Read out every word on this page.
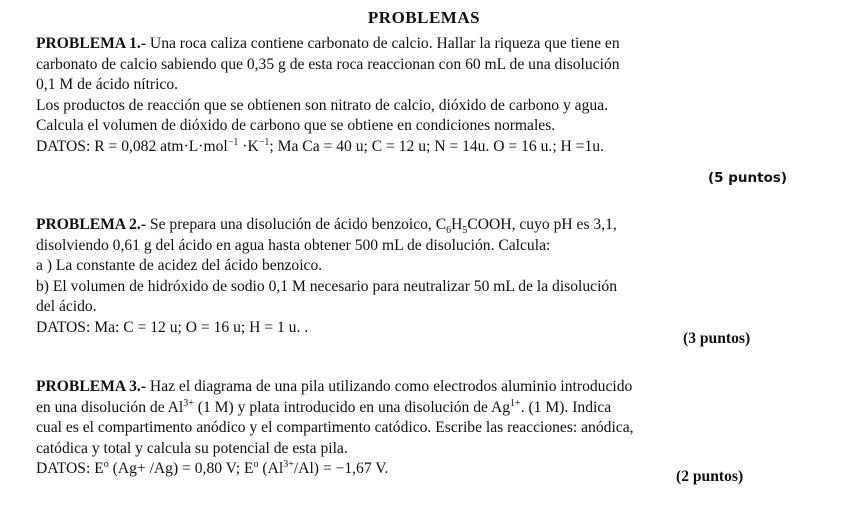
PROBLEMAS

PROBLEMA 1.- Una roca caliza contiene carbonato de calcio. Hallar la riqueza que tiene en

carbonato de calcio sabiendo que 0,35 g de esta roca reaccionan con 60 mL de una disolución

0,1 M de ácido nítrico.

Los productos de reacción que se obtienen son nitrato de calcio, dióxido de carbono y agua.

Calcula el volumen de dióxido de carbono que se obtiene en condiciones normales.

DATOS: R = 0,082 $atm\cdot L\cdot mol^{-1} \cdot K^{-1}$; Ma Ca = 40 u; C = 12 u; N = 14u. O = 16 u.; H =1u.

(5 puntos)

PROBLEMA 2.- Se prepara una disolución de ácido benzoico, $C_6H_5COOH$, cuyo pH es 3,1,

disolviendo 0,61 g del ácido en agua hasta obtener 500 mL de disolución. Calcula:

a ) La constante de acidez del ácido benzoico.

b) El volumen de hidróxido de sodio 0,1 M necesario para neutralizar 50 mL de la disolución

del ácido.

DATOS: Ma: C = 12 u; O = 16 u; H = 1 u. .

(3 puntos)

PROBLEMA 3.- Haz el diagrama de una pila utilizando como electrodos aluminio introducido

en una disolución de $Al^{3+}$ (1 M) y plata introducido en una disolución de $Ag^{1+}$. (1 M). Indica

cual es el compartimento anódico y el compartimento catódico. Escribe las reacciones: anódica,

catódica y total y calcula su potencial de esta pila.

DATOS: $E^o$ (Ag+ /Ag) = 0,80 V; $E^o$ $(Al^{3+}/Al) = -1,67$ V.	(2 puntos)
